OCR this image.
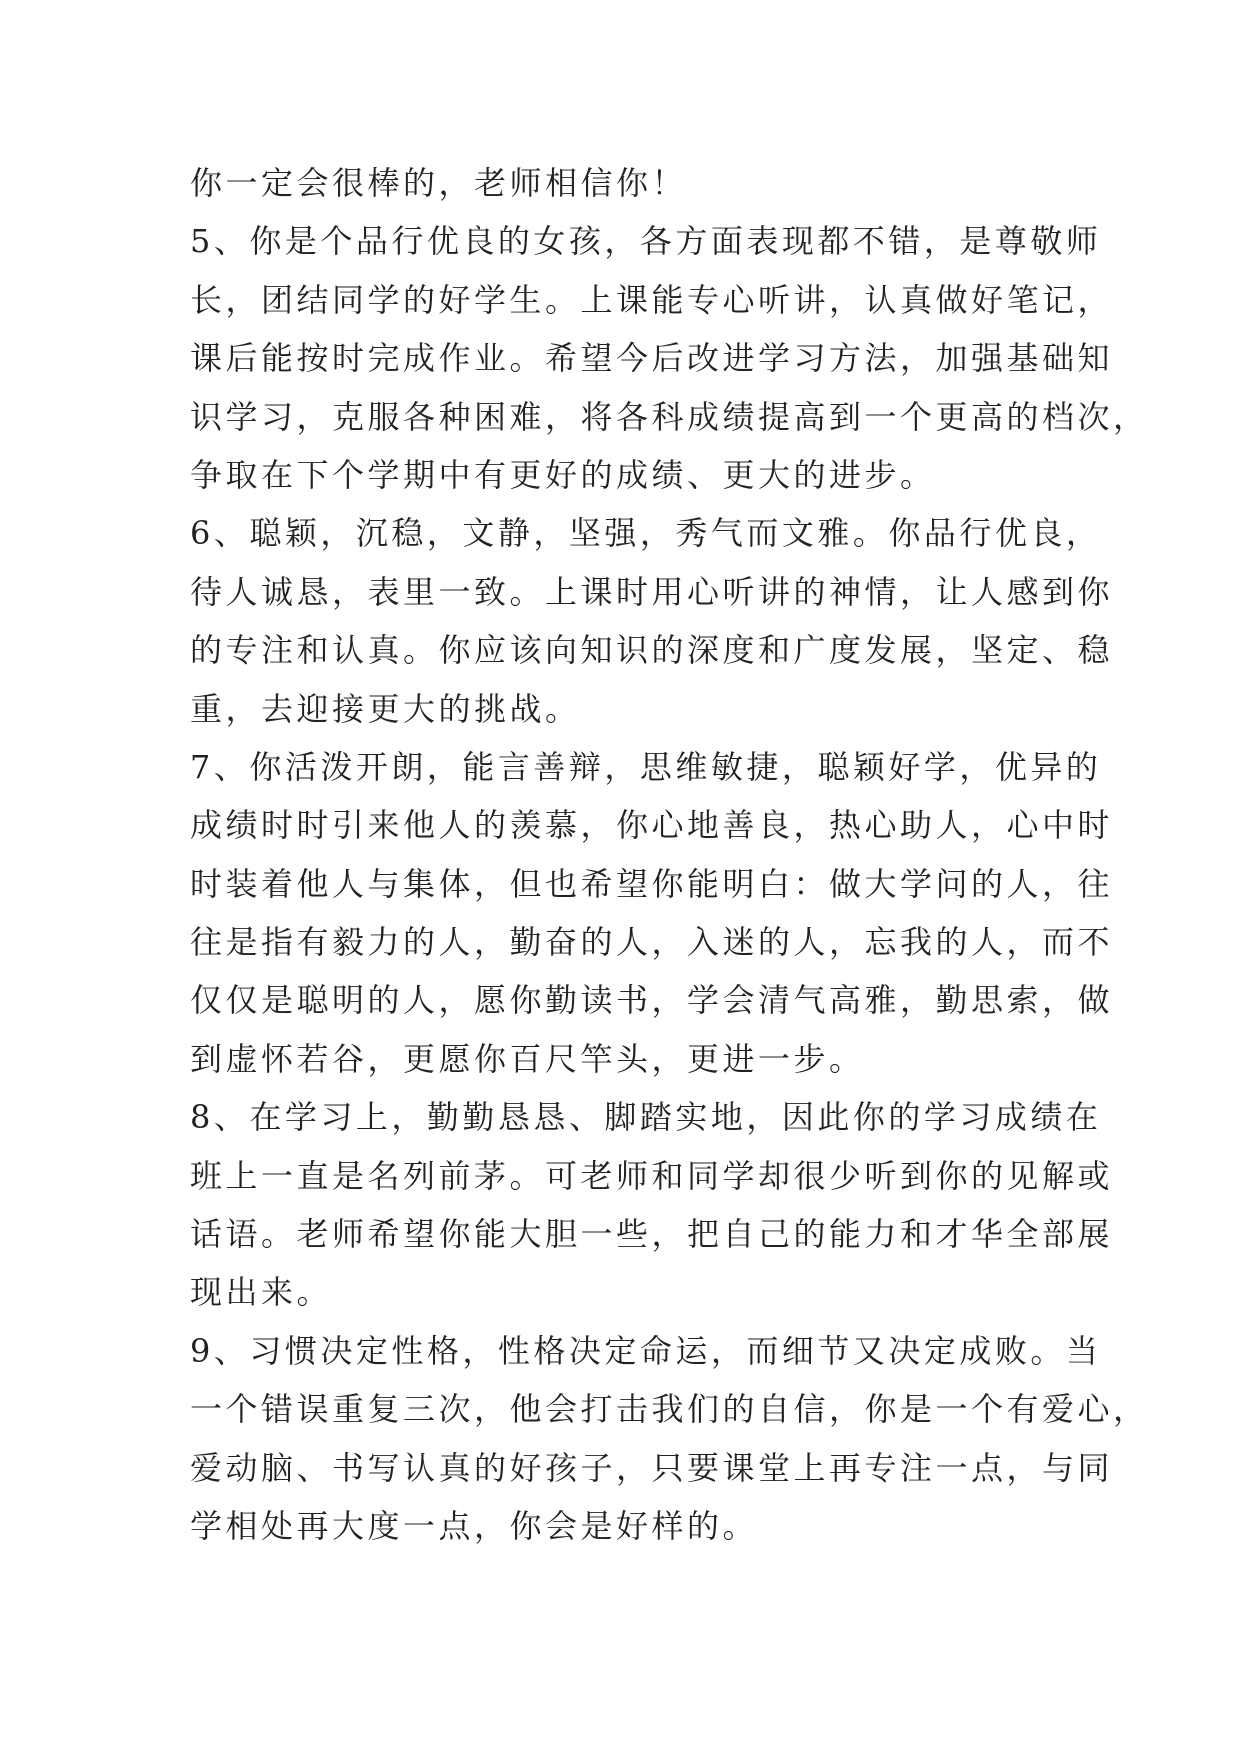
你一定会很棒的，老师相信你！
5、你是个品行优良的女孩，各方面表现都不错，是尊敬师
长，团结同学的好学生。上课能专心听讲，认真做好笔记，
课后能按时完成作业。希望今后改进学习方法，加强基础知
识学习，克服各种困难，将各科成绩提高到一个更高的档次，
争取在下个学期中有更好的成绩、更大的进步。
6、聪颖，沉稳，文静，坚强，秀气而文雅。你品行优良，
待人诚恳，表里一致。上课时用心听讲的神情，让人感到你
的专注和认真。你应该向知识的深度和广度发展，坚定、稳
重，去迎接更大的挑战。
7、你活泼开朗，能言善辩，思维敏捷，聪颖好学，优异的
成绩时时引来他人的羡慕，你心地善良，热心助人，心中时
时装着他人与集体，但也希望你能明白：做大学问的人，往
往是指有毅力的人，勤奋的人，入迷的人，忘我的人，而不
仅仅是聪明的人，愿你勤读书，学会清气高雅，勤思索，做
到虚怀若谷，更愿你百尺竿头，更进一步。
8、在学习上，勤勤恳恳、脚踏实地，因此你的学习成绩在
班上一直是名列前茅。可老师和同学却很少听到你的见解或
话语。老师希望你能大胆一些，把自己的能力和才华全部展
现出来。
9、习惯决定性格，性格决定命运，而细节又决定成败。当
一个错误重复三次，他会打击我们的自信，你是一个有爱心，
爱动脑、书写认真的好孩子，只要课堂上再专注一点，与同
学相处再大度一点，你会是好样的。
